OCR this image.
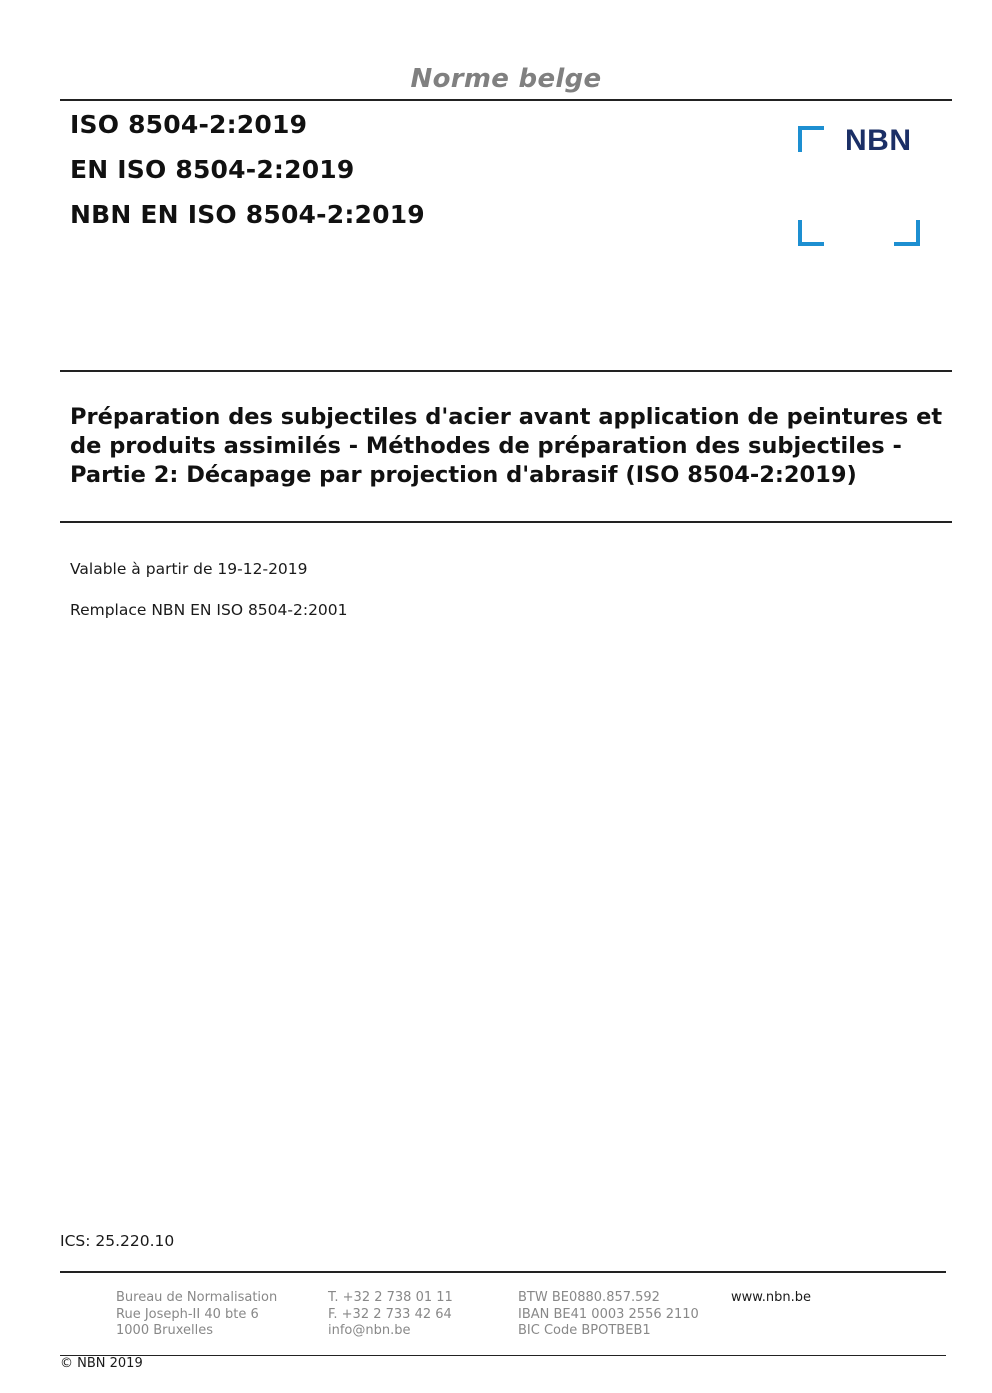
Norme belge
ISO 8504-2:2019
EN ISO 8504-2:2019
NBN EN ISO 8504-2:2019
NBN
Préparation des subjectiles d'acier avant application de peintures et de produits assimilés - Méthodes de préparation des subjectiles - Partie 2: Décapage par projection d'abrasif (ISO 8504-2:2019)
Valable à partir de 19-12-2019
Remplace NBN EN ISO 8504-2:2001
ICS: 25.220.10
Bureau de Normalisation
Rue Joseph-II 40 bte 6
1000 Bruxelles
T. +32 2 738 01 11
F. +32 2 733 42 64
info@nbn.be
BTW BE0880.857.592
IBAN BE41 0003 2556 2110
BIC Code BPOTBEB1
www.nbn.be
© NBN 2019
